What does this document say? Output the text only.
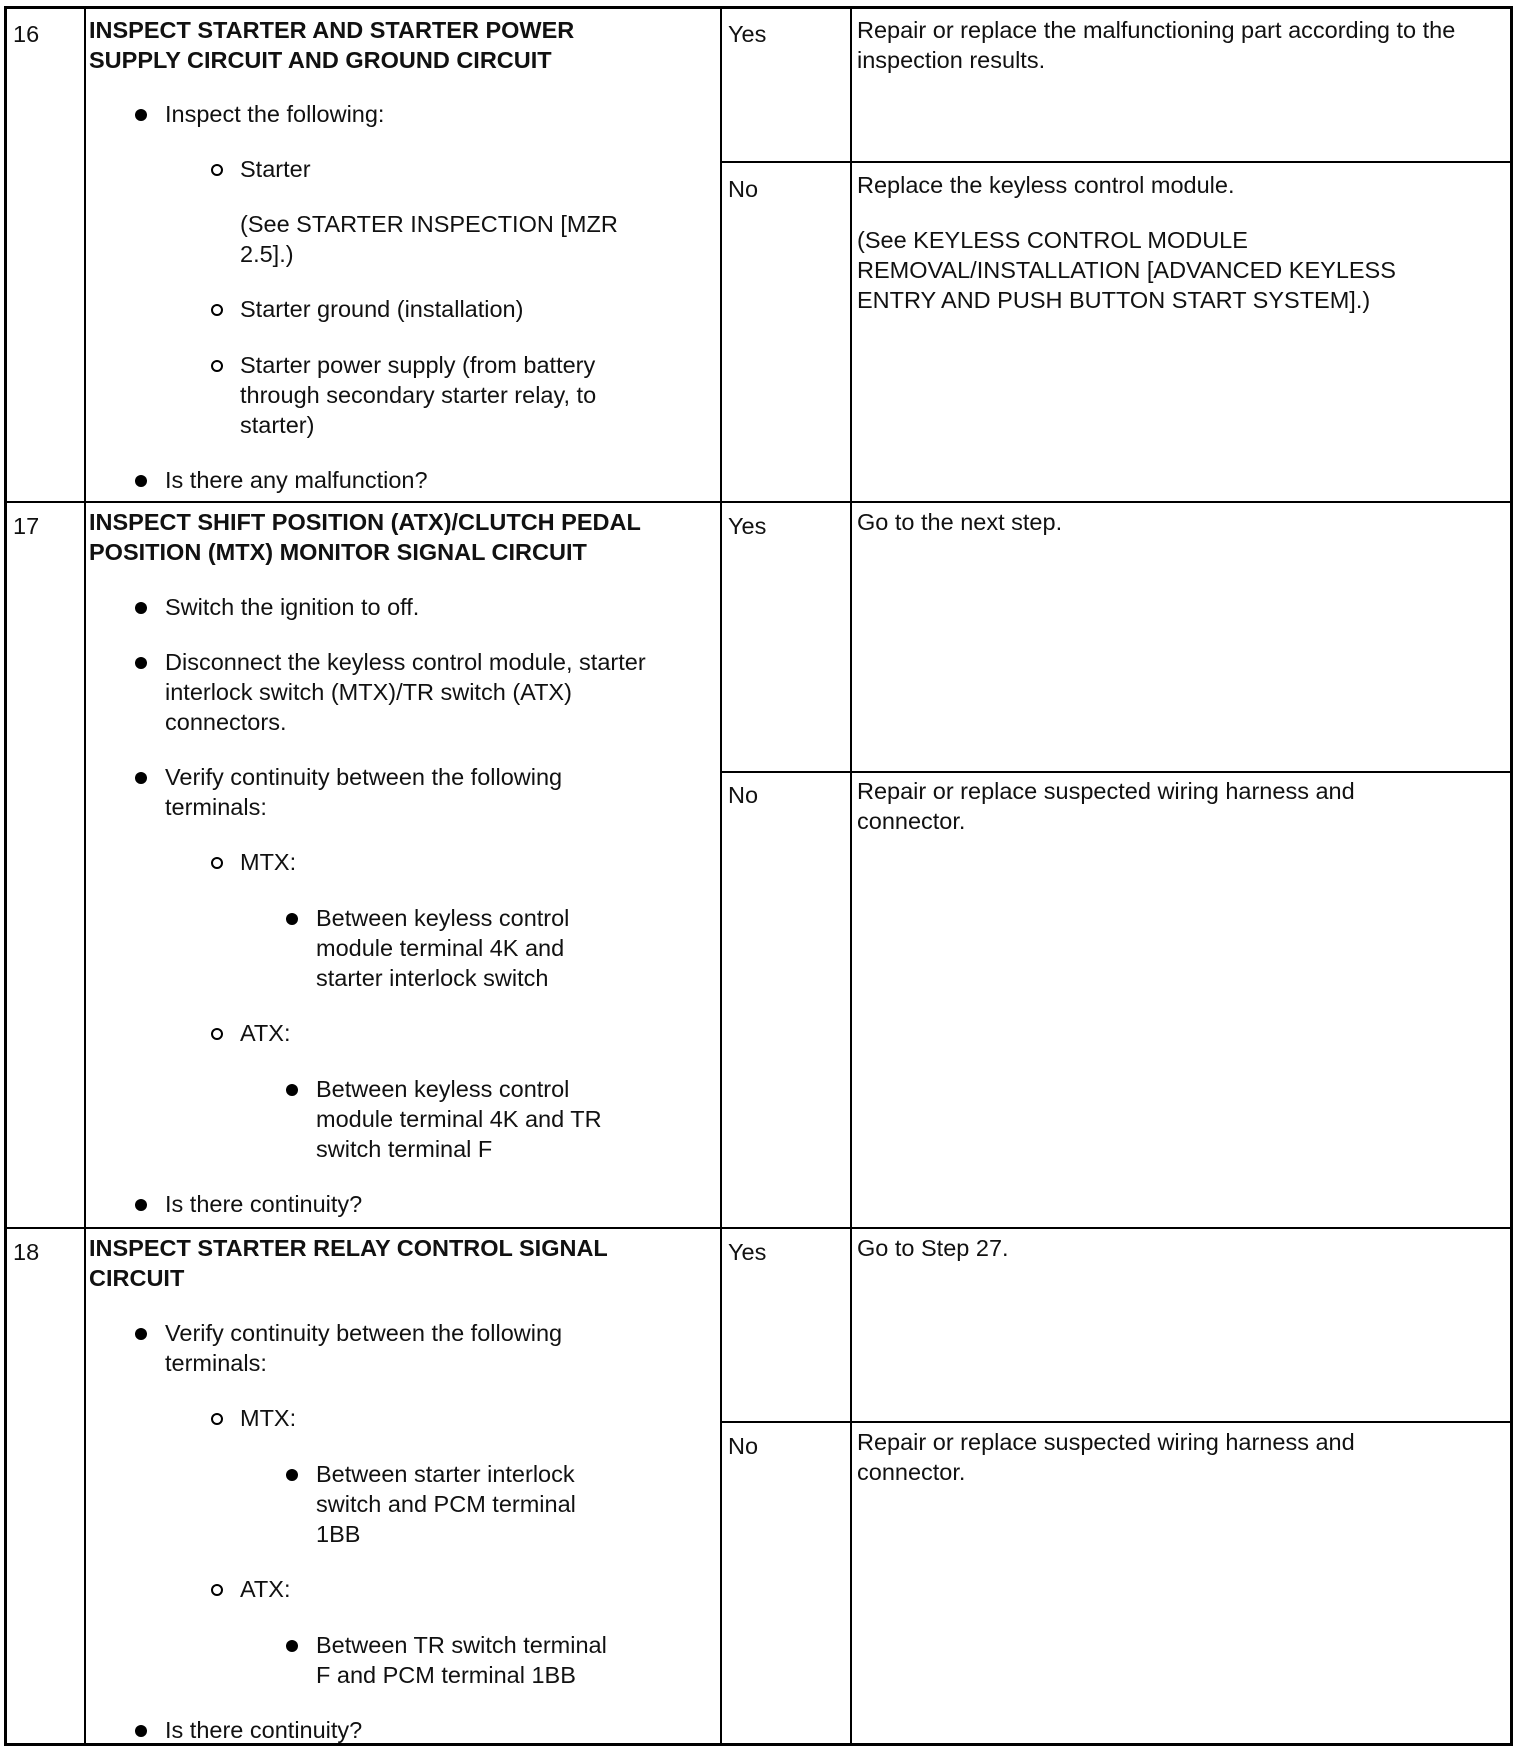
16	INSPECT STARTER AND STARTER POWER
SUPPLY CIRCUIT AND GROUND CIRCUIT
Inspect the following:
Starter
(See STARTER INSPECTION [MZR
2.5].)
Starter ground (installation)
Starter power supply (from battery
through secondary starter relay, to
starter)
Is there any malfunction?
Yes	Repair or replace the malfunctioning part according to the
inspection results.
No	Replace the keyless control module.
(See KEYLESS CONTROL MODULE
REMOVAL/INSTALLATION [ADVANCED KEYLESS
ENTRY AND PUSH BUTTON START SYSTEM].)
17	INSPECT SHIFT POSITION (ATX)/CLUTCH PEDAL
POSITION (MTX) MONITOR SIGNAL CIRCUIT
Switch the ignition to off.
Disconnect the keyless control module, starter
interlock switch (MTX)/TR switch (ATX)
connectors.
Verify continuity between the following
terminals:
MTX:
Between keyless control
module terminal 4K and
starter interlock switch
ATX:
Between keyless control
module terminal 4K and TR
switch terminal F
Is there continuity?
Yes	Go to the next step.
No	Repair or replace suspected wiring harness and
connector.
18	INSPECT STARTER RELAY CONTROL SIGNAL
CIRCUIT
Verify continuity between the following
terminals:
MTX:
Between starter interlock
switch and PCM terminal
1BB
ATX:
Between TR switch terminal
F and PCM terminal 1BB
Is there continuity?
Yes	Go to Step 27.
No	Repair or replace suspected wiring harness and
connector.
